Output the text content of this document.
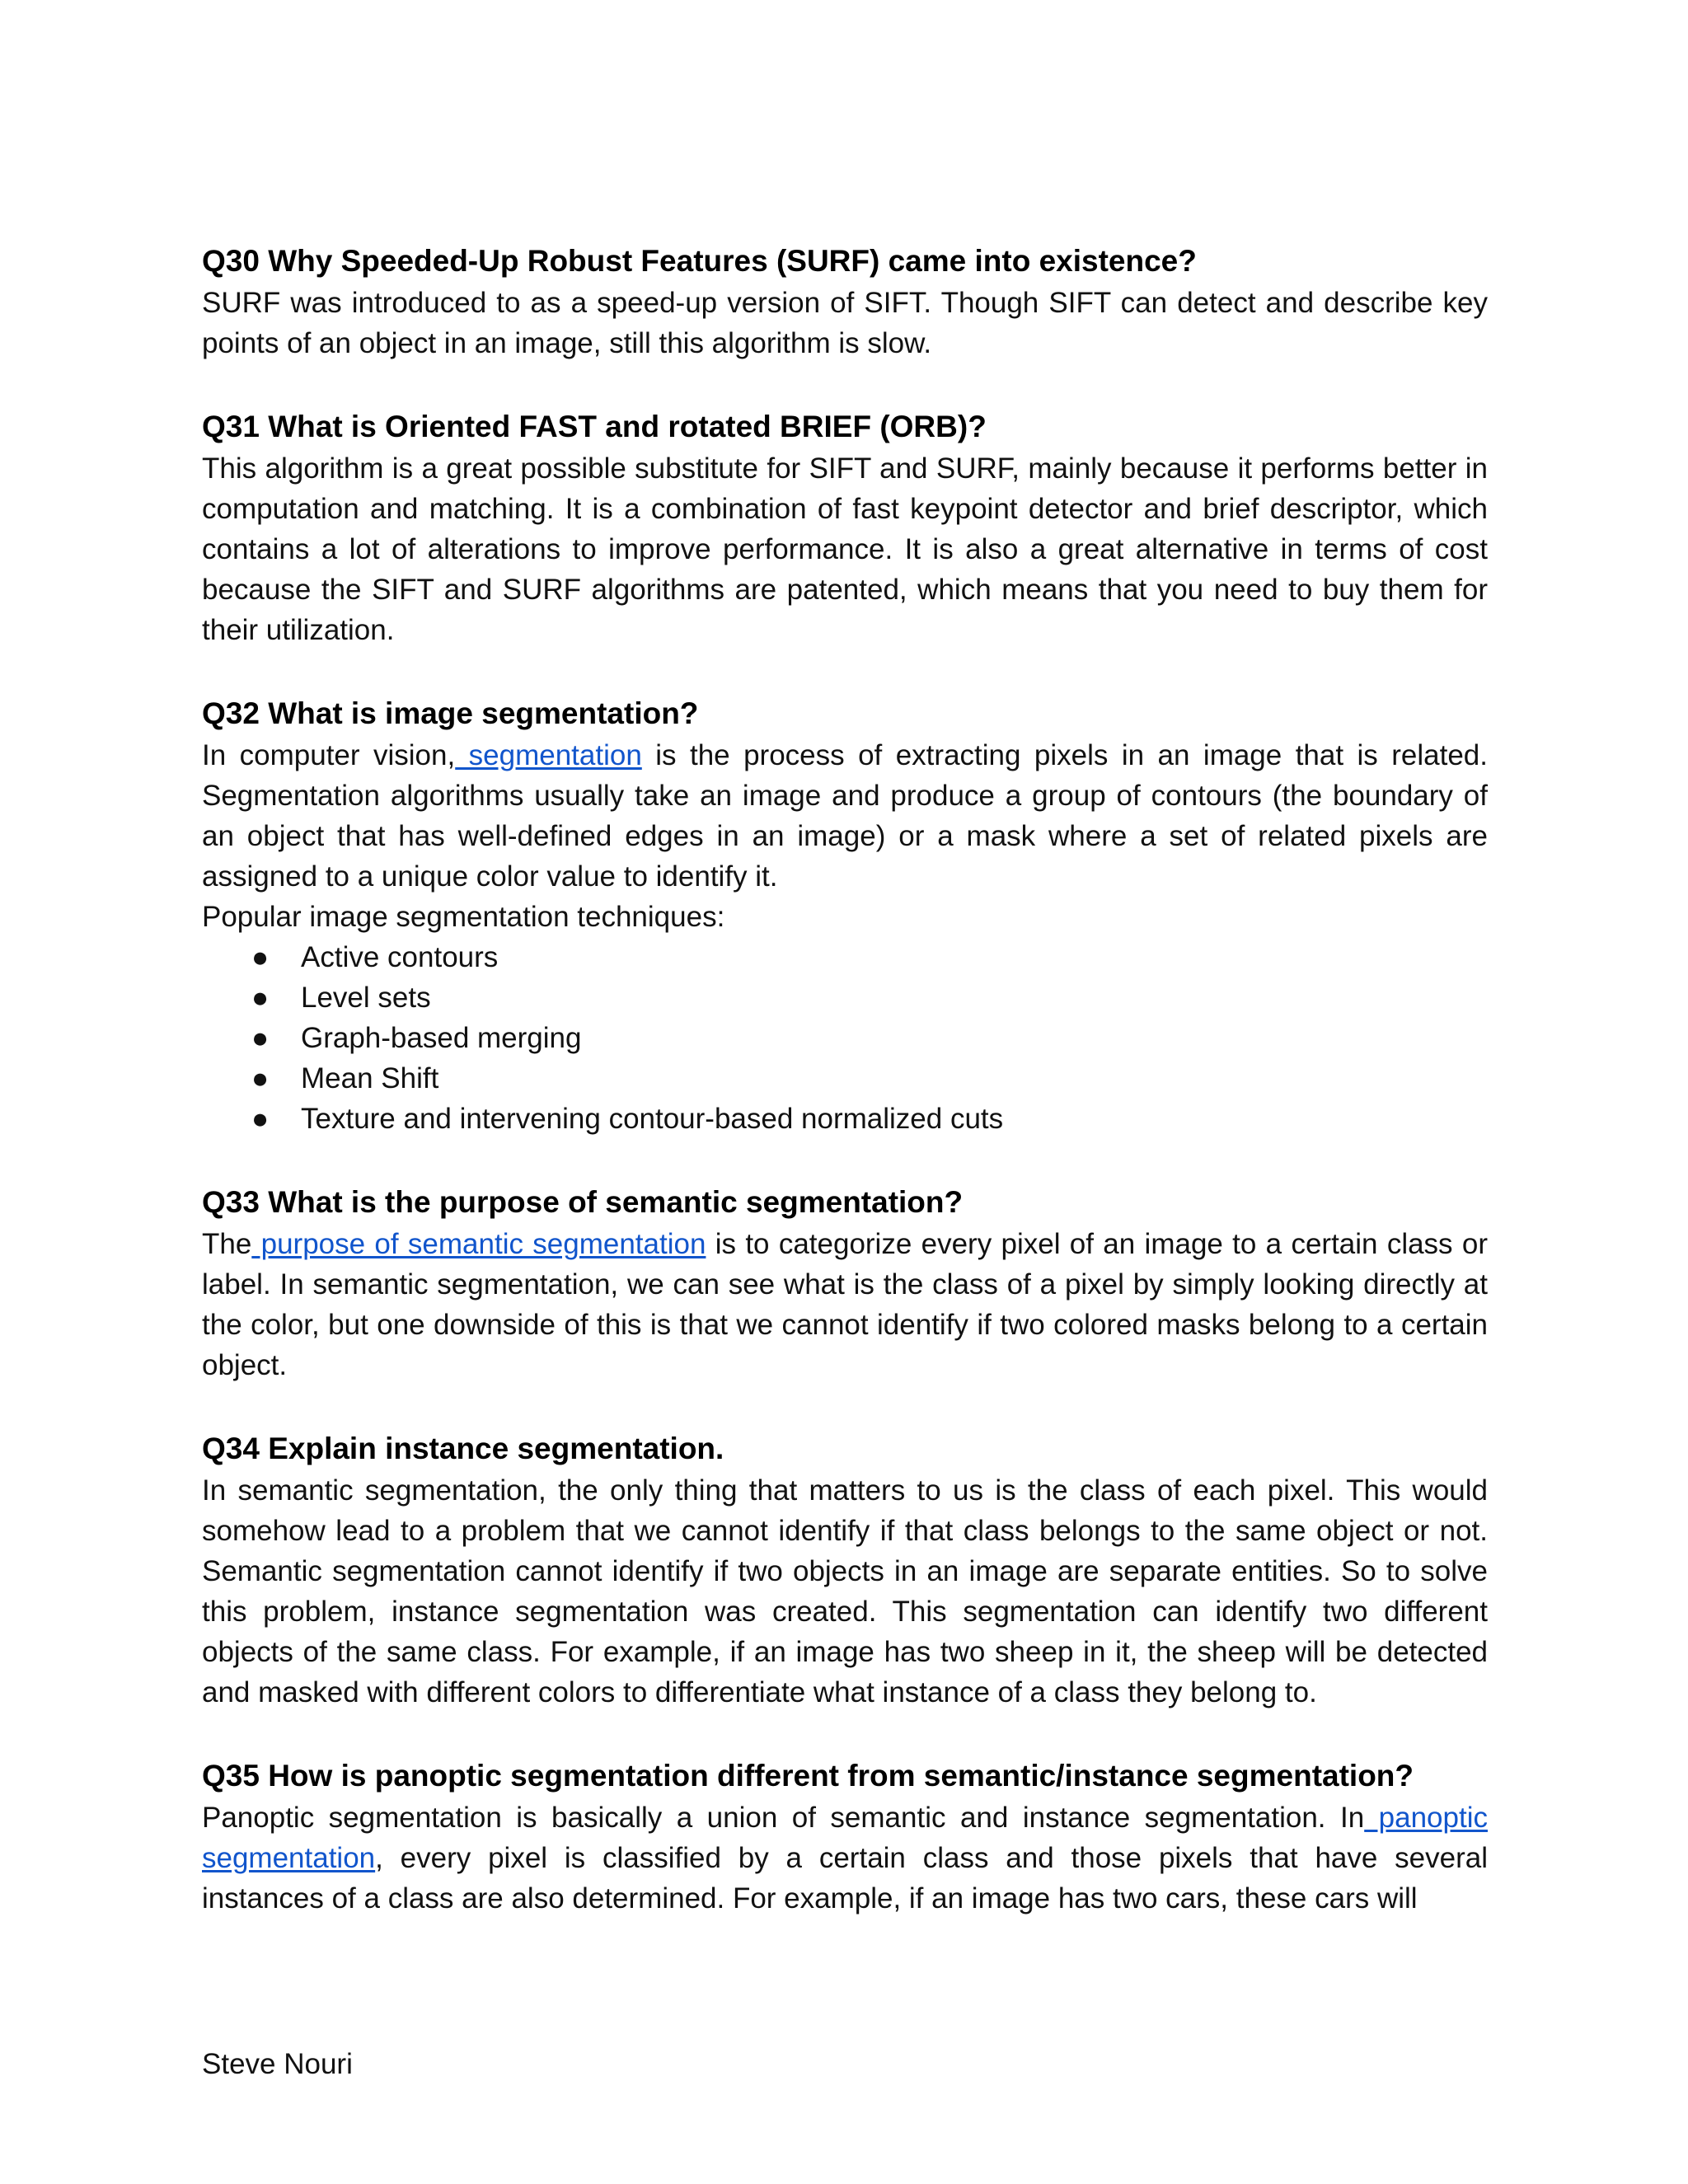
Q30 Why Speeded-Up Robust Features (SURF) came into existence?

SURF was introduced to as a speed-up version of SIFT. Though SIFT can detect and describe key points of an object in an image, still this algorithm is slow.

Q31 What is Oriented FAST and rotated BRIEF (ORB)?

This algorithm is a great possible substitute for SIFT and SURF, mainly because it performs better in computation and matching. It is a combination of fast keypoint detector and brief descriptor, which contains a lot of alterations to improve performance. It is also a great alternative in terms of cost because the SIFT and SURF algorithms are patented, which means that you need to buy them for their utilization.

Q32 What is image segmentation?

In computer vision, segmentation is the process of extracting pixels in an image that is related. Segmentation algorithms usually take an image and produce a group of contours (the boundary of an object that has well-defined edges in an image) or a mask where a set of related pixels are assigned to a unique color value to identify it.

Popular image segmentation techniques:

● Active contours
● Level sets
● Graph-based merging
● Mean Shift
● Texture and intervening contour-based normalized cuts
Q33 What is the purpose of semantic segmentation?

The purpose of semantic segmentation is to categorize every pixel of an image to a certain class or label. In semantic segmentation, we can see what is the class of a pixel by simply looking directly at the color, but one downside of this is that we cannot identify if two colored masks belong to a certain object.

Q34 Explain instance segmentation.

In semantic segmentation, the only thing that matters to us is the class of each pixel. This would somehow lead to a problem that we cannot identify if that class belongs to the same object or not. Semantic segmentation cannot identify if two objects in an image are separate entities. So to solve this problem, instance segmentation was created. This segmentation can identify two different objects of the same class. For example, if an image has two sheep in it, the sheep will be detected and masked with different colors to differentiate what instance of a class they belong to.

Q35 How is panoptic segmentation different from semantic/instance segmentation?

Panoptic segmentation is basically a union of semantic and instance segmentation. In panoptic segmentation, every pixel is classified by a certain class and those pixels that have several instances of a class are also determined. For example, if an image has two cars, these cars will

Steve Nouri
